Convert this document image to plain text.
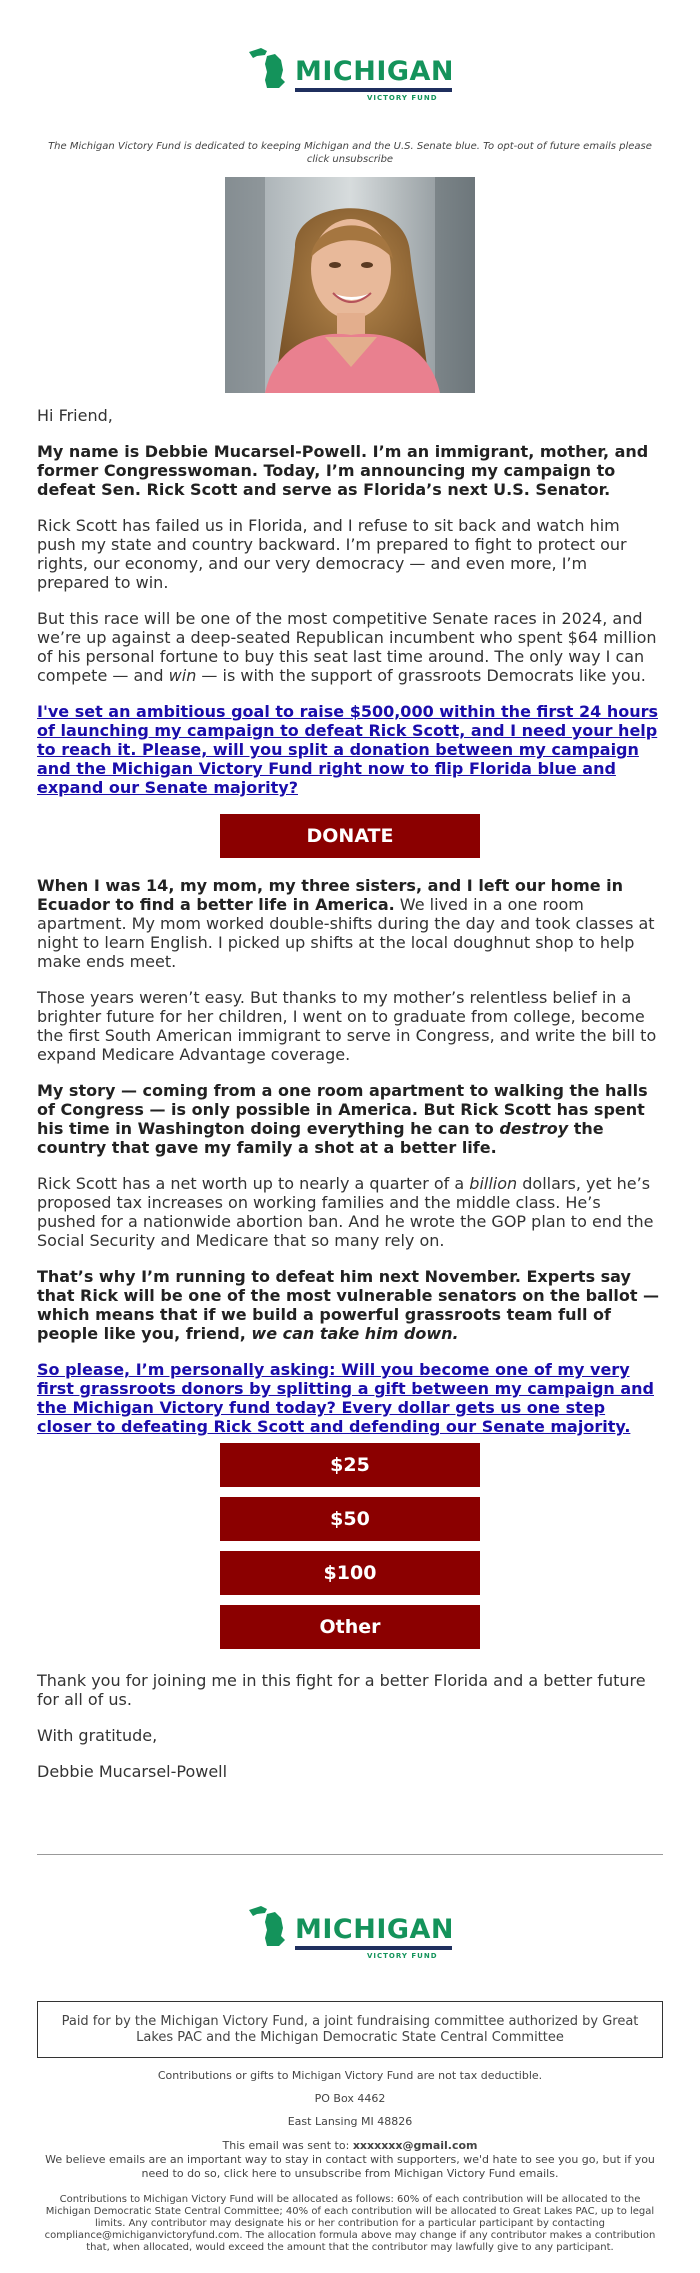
MICHIGAN
VICTORY FUND
The Michigan Victory Fund is dedicated to keeping Michigan and the U.S. Senate blue. To opt-out of future emails please click unsubscribe

Hi Friend,

My name is Debbie Mucarsel-Powell. I’m an immigrant, mother, and former Congresswoman. Today, I’m announcing my campaign to defeat Sen. Rick Scott and serve as Florida’s next U.S. Senator.

Rick Scott has failed us in Florida, and I refuse to sit back and watch him push my state and country backward. I’m prepared to fight to protect our rights, our economy, and our very democracy — and even more, I’m prepared to win.

But this race will be one of the most competitive Senate races in 2024, and we’re up against a deep-seated Republican incumbent who spent $64 million of his personal fortune to buy this seat last time around. The only way I can compete — and win — is with the support of grassroots Democrats like you.

I've set an ambitious goal to raise $500,000 within the first 24 hours of launching my campaign to defeat Rick Scott, and I need your help to reach it. Please, will you split a donation between my campaign and the Michigan Victory Fund right now to flip Florida blue and expand our Senate majority?

DONATE

When I was 14, my mom, my three sisters, and I left our home in Ecuador to find a better life in America. We lived in a one room apartment. My mom worked double-shifts during the day and took classes at night to learn English. I picked up shifts at the local doughnut shop to help make ends meet.

Those years weren’t easy. But thanks to my mother’s relentless belief in a brighter future for her children, I went on to graduate from college, become the first South American immigrant to serve in Congress, and write the bill to expand Medicare Advantage coverage.

My story — coming from a one room apartment to walking the halls of Congress — is only possible in America. But Rick Scott has spent his time in Washington doing everything he can to destroy the country that gave my family a shot at a better life.

Rick Scott has a net worth up to nearly a quarter of a billion dollars, yet he’s proposed tax increases on working families and the middle class. He’s pushed for a nationwide abortion ban. And he wrote the GOP plan to end the Social Security and Medicare that so many rely on.

That’s why I’m running to defeat him next November. Experts say that Rick will be one of the most vulnerable senators on the ballot — which means that if we build a powerful grassroots team full of people like you, friend, we can take him down.

So please, I’m personally asking: Will you become one of my very first grassroots donors by splitting a gift between my campaign and the Michigan Victory fund today? Every dollar gets us one step closer to defeating Rick Scott and defending our Senate majority.

$25
$50
$100
Other

Thank you for joining me in this fight for a better Florida and a better future for all of us.

With gratitude,

Debbie Mucarsel-Powell

MICHIGAN
VICTORY FUND
Paid for by the Michigan Victory Fund, a joint fundraising committee authorized by Great Lakes PAC and the Michigan Democratic State Central Committee
Contributions or gifts to Michigan Victory Fund are not tax deductible.
PO Box 4462
East Lansing MI 48826
This email was sent to: xxxxxxx@gmail.com
We believe emails are an important way to stay in contact with supporters, we'd hate to see you go, but if you need to do so, click here to unsubscribe from Michigan Victory Fund emails.
Contributions to Michigan Victory Fund will be allocated as follows: 60% of each contribution will be allocated to the Michigan Democratic State Central Committee; 40% of each contribution will be allocated to Great Lakes PAC, up to legal limits. Any contributor may designate his or her contribution for a particular participant by contacting compliance@michiganvictoryfund.com. The allocation formula above may change if any contributor makes a contribution that, when allocated, would exceed the amount that the contributor may lawfully give to any participant.
